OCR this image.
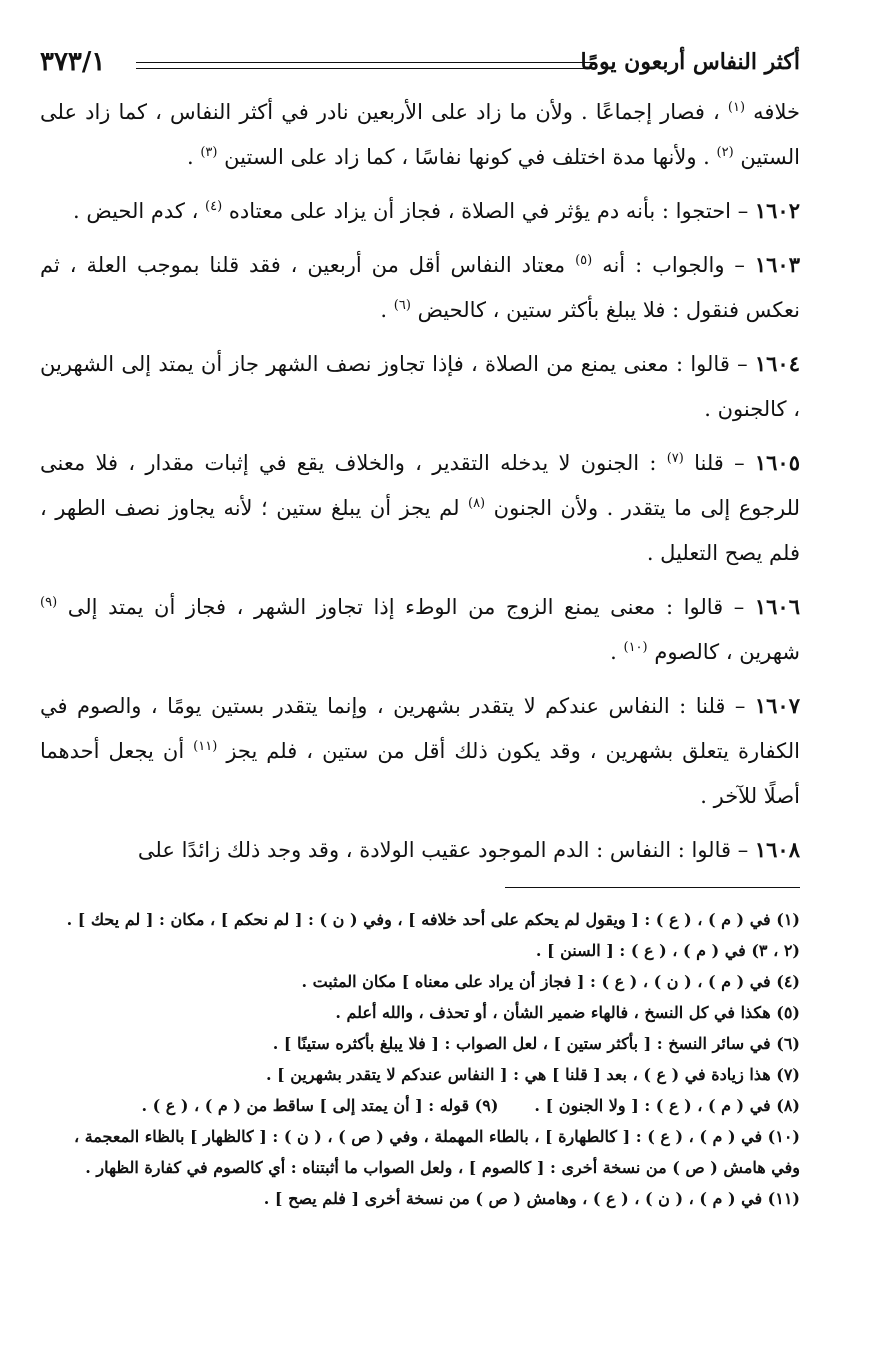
أكثر النفاس أربعون يومًا
٣٧٣/١

خلافه $^{(١)}$ ، فصار إجماعًا . ولأن ما زاد على الأربعين نادر في أكثر النفاس ، كما زاد على الستين $^{(٢)}$ . ولأنها مدة اختلف في كونها نفاسًا ، كما زاد على الستين $^{(٣)}$ .

١٦٠٢ – احتجوا : بأنه دم يؤثر في الصلاة ، فجاز أن يزاد على معتاده $^{(٤)}$ ، كدم الحيض .

١٦٠٣ – والجواب : أنه $^{(٥)}$ معتاد النفاس أقل من أربعين ، فقد قلنا بموجب العلة ، ثم نعكس فنقول : فلا يبلغ بأكثر ستين ، كالحيض $^{(٦)}$ .

١٦٠٤ – قالوا : معنى يمنع من الصلاة ، فإذا تجاوز نصف الشهر جاز أن يمتد إلى الشهرين ، كالجنون .

١٦٠٥ – قلنا $^{(٧)}$ : الجنون لا يدخله التقدير ، والخلاف يقع في إثبات مقدار ، فلا معنى للرجوع إلى ما يتقدر . ولأن الجنون $^{(٨)}$ لم يجز أن يبلغ ستين ؛ لأنه يجاوز نصف الطهر ، فلم يصح التعليل .

١٦٠٦ – قالوا : معنى يمنع الزوج من الوطء إذا تجاوز الشهر ، فجاز أن يمتد إلى $^{(٩)}$ شهرين ، كالصوم $^{(١٠)}$ .

١٦٠٧ – قلنا : النفاس عندكم لا يتقدر بشهرين ، وإنما يتقدر بستين يومًا ، والصوم في الكفارة يتعلق بشهرين ، وقد يكون ذلك أقل من ستين ، فلم يجز $^{(١١)}$ أن يجعل أحدهما أصلًا للآخر .

١٦٠٨ – قالوا : النفاس : الدم الموجود عقيب الولادة ، وقد وجد ذلك زائدًا على

(١) في ( م ) ، ( ع ) : [ ويقول لم يحكم على أحد خلافه ] ، وفي ( ن ) : [ لم نحكم ] ، مكان : [ لم يحك ] .

(٢ ، ٣) في ( م ) ، ( ع ) : [ السنن ] .

(٤) في ( م ) ، ( ن ) ، ( ع ) : [ فجاز أن يراد على معناه ] مكان المثبت .

(٥) هكذا في كل النسخ ، فالهاء ضمير الشأن ، أو تحذف ، والله أعلم .

(٦) في سائر النسخ : [ بأكثر ستين ] ، لعل الصواب : [ فلا يبلغ بأكثره ستينًا ] .

(٧) هذا زيادة في ( ع ) ، بعد [ قلنا ] هي : [ النفاس عندكم لا يتقدر بشهرين ] .

(٨) في ( م ) ، ( ع ) : [ ولا الجنون ] .(٩) قوله : [ أن يمتد إلى ] ساقط من ( م ) ، ( ع ) .

(١٠) في ( م ) ، ( ع ) : [ كالطهارة ] ، بالطاء المهملة ، وفي ( ص ) ، ( ن ) : [ كالظهار ] بالظاء المعجمة ، وفي هامش ( ص ) من نسخة أخرى : [ كالصوم ] ، ولعل الصواب ما أثبتناه : أي كالصوم في كفارة الظهار .

(١١) في ( م ) ، ( ن ) ، ( ع ) ، وهامش ( ص ) من نسخة أخرى [ فلم يصح ] .
